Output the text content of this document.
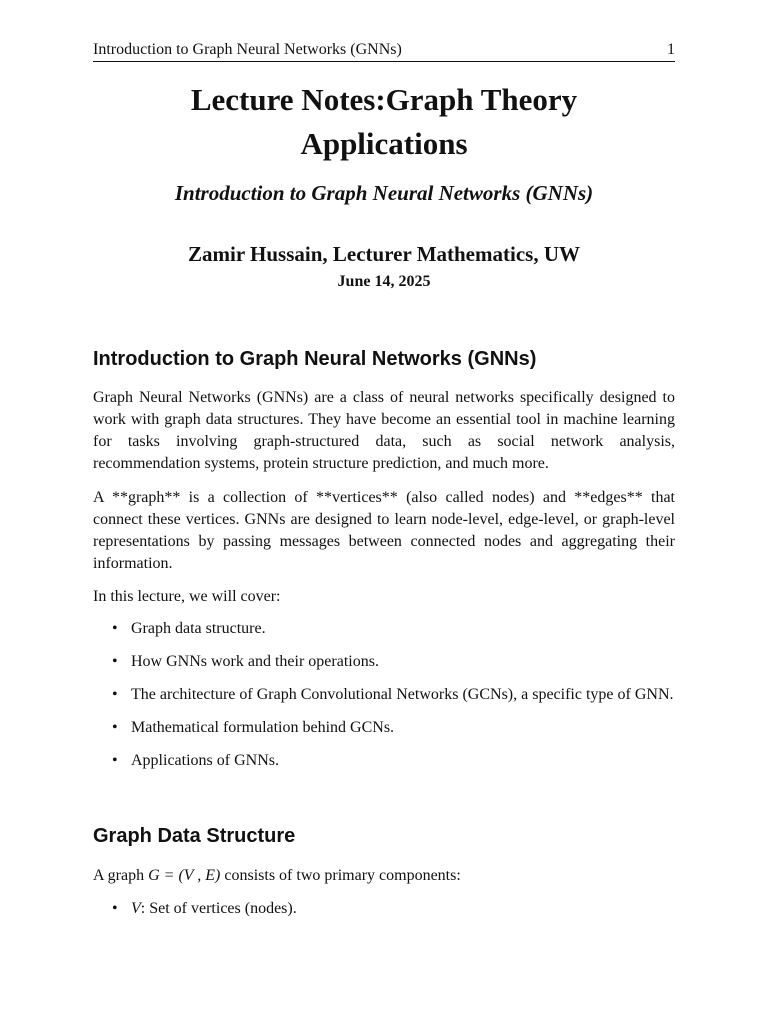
Introduction to Graph Neural Networks (GNNs)	1
Lecture Notes:Graph Theory
Applications
Introduction to Graph Neural Networks (GNNs)
Zamir Hussain, Lecturer Mathematics, UW
June 14, 2025
Introduction to Graph Neural Networks (GNNs)

Graph Neural Networks (GNNs) are a class of neural networks specifically designed to work with graph data structures. They have become an essential tool in machine learning for tasks involving graph-structured data, such as social network analysis, recommendation systems, protein structure prediction, and much more.

A **graph** is a collection of **vertices** (also called nodes) and **edges** that connect these vertices. GNNs are designed to learn node-level, edge-level, or graph-level representations by passing messages between connected nodes and aggregating their information.

In this lecture, we will cover:

• Graph data structure.
• How GNNs work and their operations.
• The architecture of Graph Convolutional Networks (GCNs), a specific type of GNN.
• Mathematical formulation behind GCNs.
• Applications of GNNs.
Graph Data Structure

A graph G = (V , E) consists of two primary components:

• V: Set of vertices (nodes).
